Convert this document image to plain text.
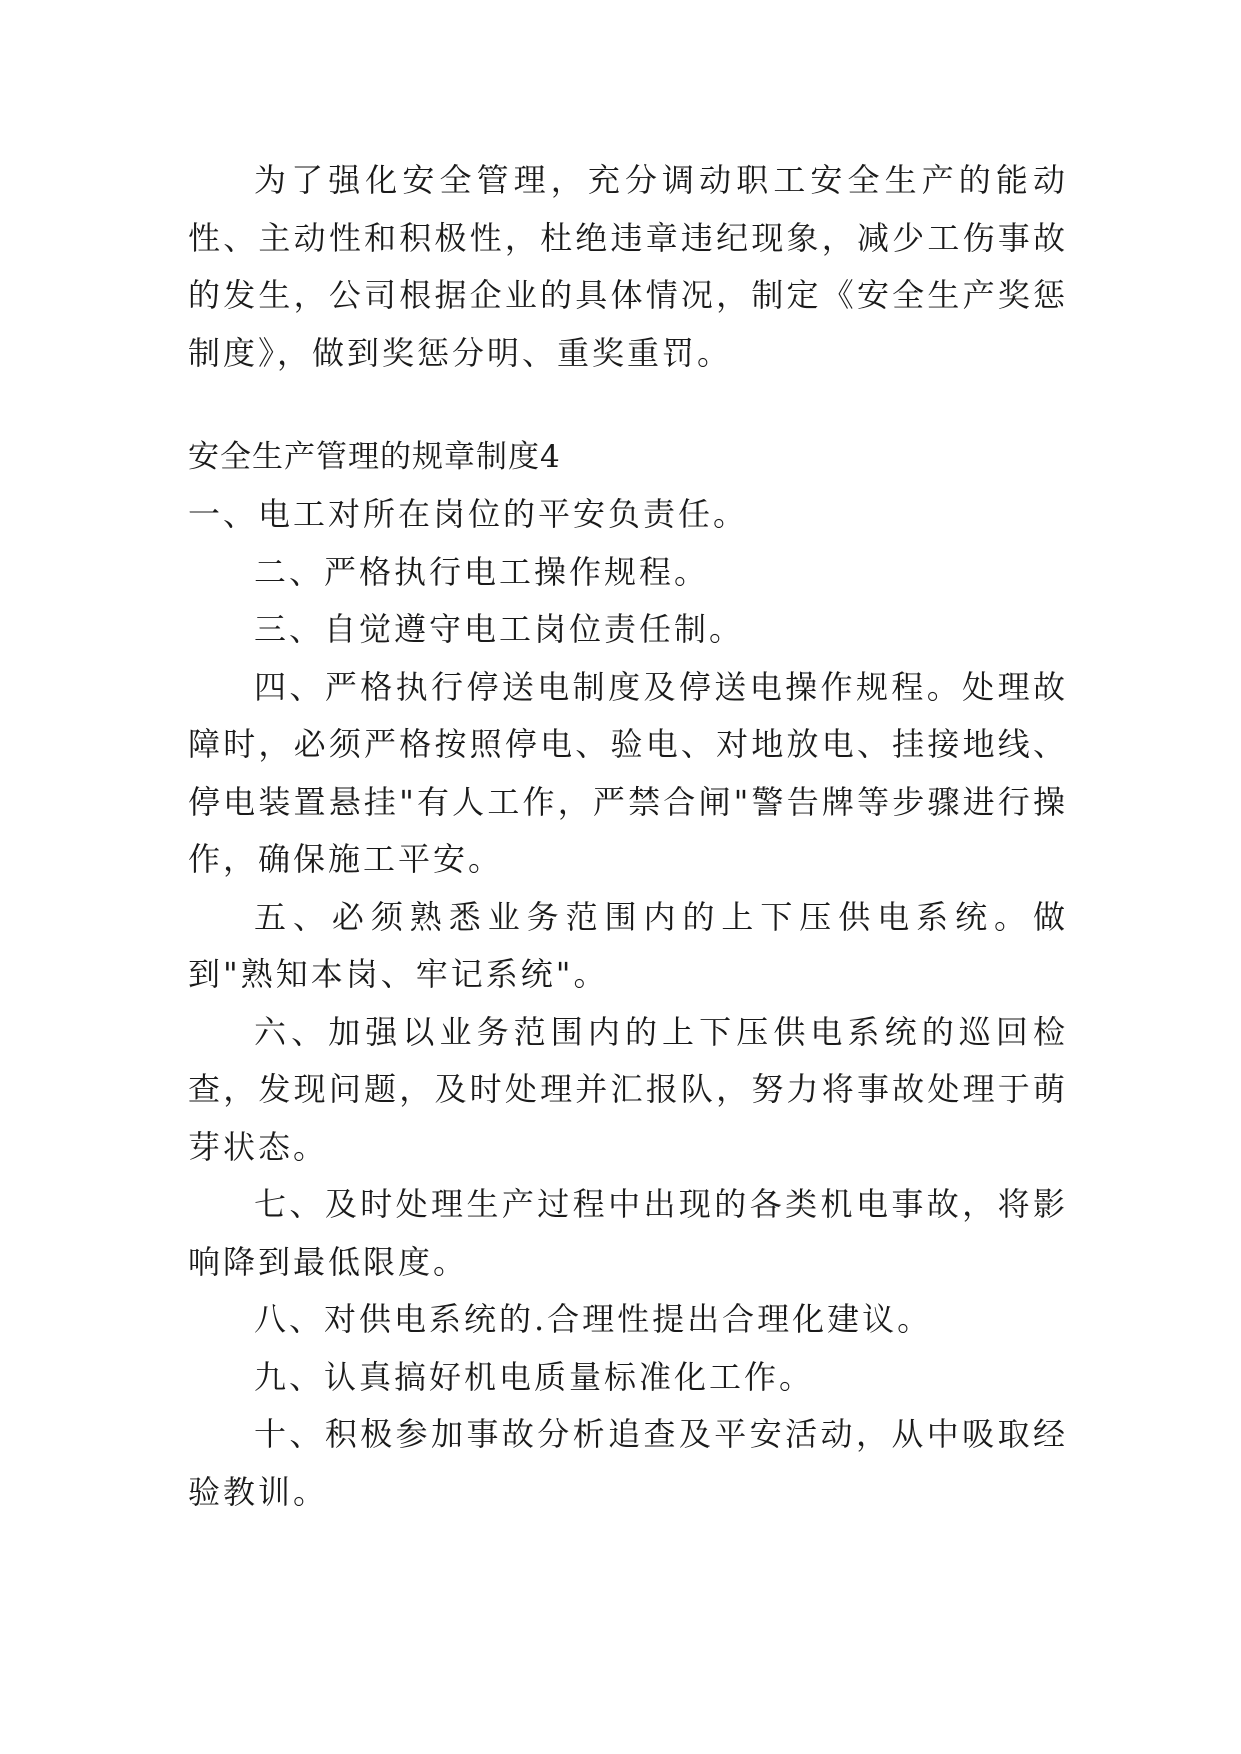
为了强化安全管理，充分调动职工安全生产的能动性、主动性和积极性，杜绝违章违纪现象，减少工伤事故的发生，公司根据企业的具体情况，制定《安全生产奖惩制度》，做到奖惩分明、重奖重罚。

安全生产管理的规章制度4

一、电工对所在岗位的平安负责任。

二、严格执行电工操作规程。

三、自觉遵守电工岗位责任制。

四、严格执行停送电制度及停送电操作规程。处理故障时，必须严格按照停电、验电、对地放电、挂接地线、停电装置悬挂"有人工作，严禁合闸"警告牌等步骤进行操作，确保施工平安。

五、必须熟悉业务范围内的上下压供电系统。做到"熟知本岗、牢记系统"。

六、加强以业务范围内的上下压供电系统的巡回检查，发现问题，及时处理并汇报队，努力将事故处理于萌芽状态。

七、及时处理生产过程中出现的各类机电事故，将影响降到最低限度。

八、对供电系统的.合理性提出合理化建议。

九、认真搞好机电质量标准化工作。

十、积极参加事故分析追查及平安活动，从中吸取经验教训。
